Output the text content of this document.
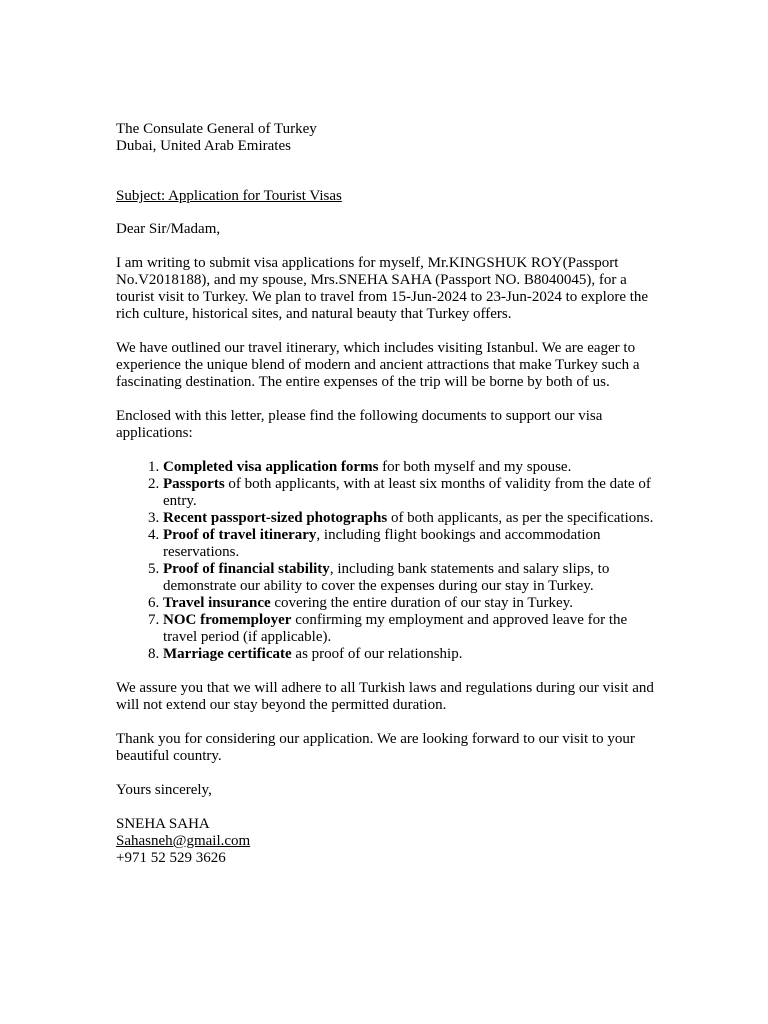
The Consulate General of Turkey
Dubai, United Arab Emirates

Subject: Application for Tourist Visas

Dear Sir/Madam,

I am writing to submit visa applications for myself, Mr.KINGSHUK ROY(Passport No.V2018188), and my spouse, Mrs.SNEHA SAHA (Passport NO. B8040045), for a tourist visit to Turkey. We plan to travel from 15-Jun-2024 to 23-Jun-2024 to explore the rich culture, historical sites, and natural beauty that Turkey offers.

We have outlined our travel itinerary, which includes visiting Istanbul. We are eager to experience the unique blend of modern and ancient attractions that make Turkey such a fascinating destination. The entire expenses of the trip will be borne by both of us.

Enclosed with this letter, please find the following documents to support our visa applications:

1. Completed visa application forms for both myself and my spouse.
2. Passports of both applicants, with at least six months of validity from the date of entry.
3. Recent passport-sized photographs of both applicants, as per the specifications.
4. Proof of travel itinerary, including flight bookings and accommodation reservations.
5. Proof of financial stability, including bank statements and salary slips, to demonstrate our ability to cover the expenses during our stay in Turkey.
6. Travel insurance covering the entire duration of our stay in Turkey.
7. NOC fromemployer confirming my employment and approved leave for the travel period (if applicable).
8. Marriage certificate as proof of our relationship.

We assure you that we will adhere to all Turkish laws and regulations during our visit and will not extend our stay beyond the permitted duration.

Thank you for considering our application. We are looking forward to our visit to your beautiful country.

Yours sincerely,

SNEHA SAHA
Sahasneh@gmail.com
+971 52 529 3626
